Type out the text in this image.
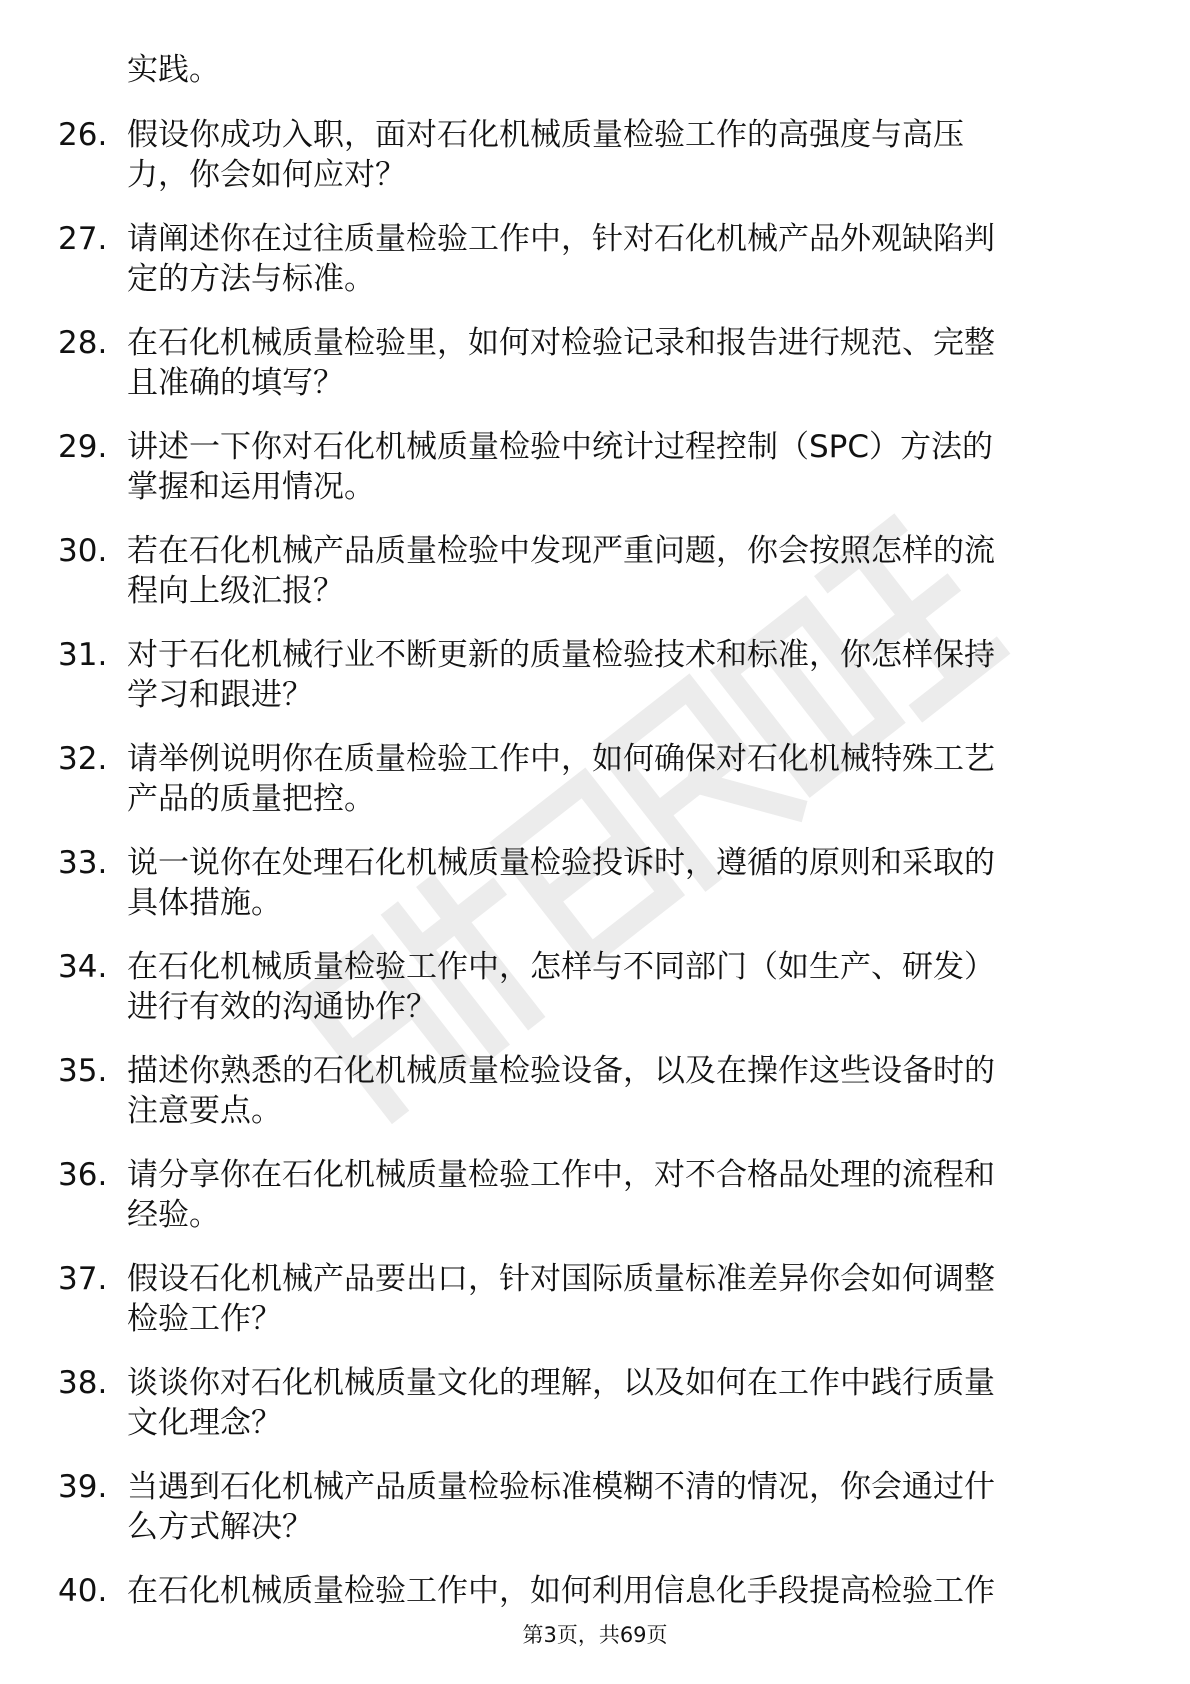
实践。
26. 假设你成功入职，面对石化机械质量检验工作的高强度与高压
力，你会如何应对？
27. 请阐述你在过往质量检验工作中，针对石化机械产品外观缺陷判
定的方法与标准。
28. 在石化机械质量检验里，如何对检验记录和报告进行规范、完整
且准确的填写？
29. 讲述一下你对石化机械质量检验中统计过程控制（SPC）方法的
掌握和运用情况。
30. 若在石化机械产品质量检验中发现严重问题，你会按照怎样的流
程向上级汇报？
31. 对于石化机械行业不断更新的质量检验技术和标准，你怎样保持
学习和跟进？
32. 请举例说明你在质量检验工作中，如何确保对石化机械特殊工艺
产品的质量把控。
33. 说一说你在处理石化机械质量检验投诉时，遵循的原则和采取的
具体措施。
34. 在石化机械质量检验工作中，怎样与不同部门（如生产、研发）
进行有效的沟通协作？
35. 描述你熟悉的石化机械质量检验设备，以及在操作这些设备时的
注意要点。
36. 请分享你在石化机械质量检验工作中，对不合格品处理的流程和
经验。
37. 假设石化机械产品要出口，针对国际质量标准差异你会如何调整
检验工作？
38. 谈谈你对石化机械质量文化的理解，以及如何在工作中践行质量
文化理念？
39. 当遇到石化机械产品质量检验标准模糊不清的情况，你会通过什
么方式解决？
40. 在石化机械质量检验工作中，如何利用信息化手段提高检验工作
第3页，共69页
